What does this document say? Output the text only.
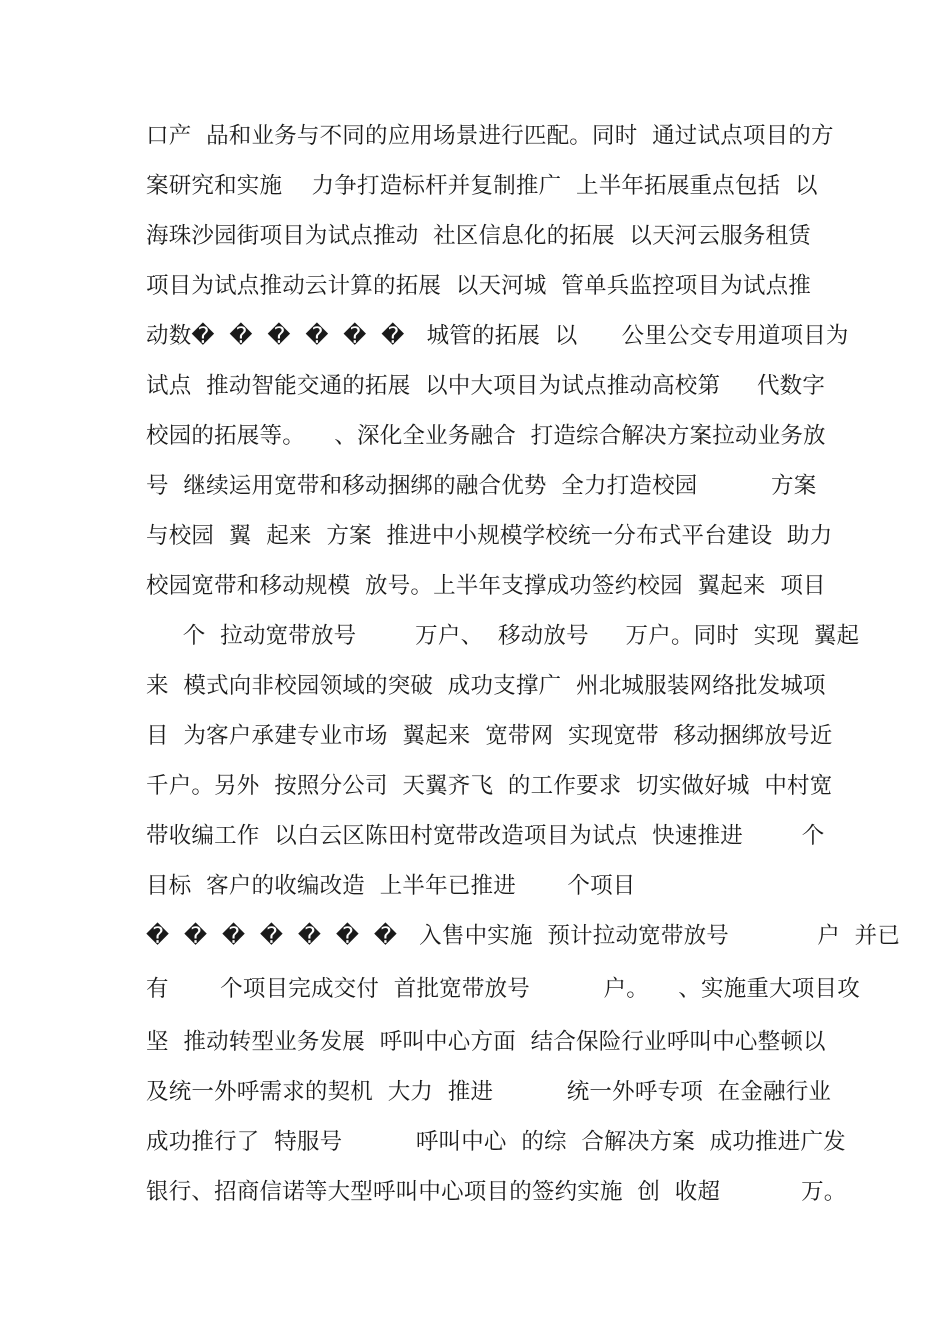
口产  品和业务与不同的应用场景进行匹配。同时  通过试点项目的方
案研究和实施    力争打造标杆并复制推广  上半年拓展重点包括  以
海珠沙园街项目为试点推动  社区信息化的拓展  以天河云服务租赁
项目为试点推动云计算的拓展  以天河城  管单兵监控项目为试点推
动数�  �  �  �  �  �   城管的拓展  以      公里公交专用道项目为
试点  推动智能交通的拓展  以中大项目为试点推动高校第     代数字
校园的拓展等。    、深化全业务融合  打造综合解决方案拉动业务放
号  继续运用宽带和移动捆绑的融合优势  全力打造校园          方案
与校园  翼  起来  方案  推进中小规模学校统一分布式平台建设  助力
校园宽带和移动规模  放号。上半年支撑成功签约校园  翼起来  项目
个  拉动宽带放号        万户、  移动放号     万户。同时  实现  翼起
来  模式向非校园领域的突破  成功支撑广  州北城服装网络批发城项
目  为客户承建专业市场  翼起来  宽带网  实现宽带  移动捆绑放号近
千户。另外  按照分公司  天翼齐飞  的工作要求  切实做好城  中村宽
带收编工作  以白云区陈田村宽带改造项目为试点  快速推进        个
目标  客户的收编改造  上半年已推进       个项目
�  �  �  �  �  �  �   入售中实施  预计拉动宽带放号            户  并已
有       个项目完成交付  首批宽带放号          户。    、实施重大项目攻
坚  推动转型业务发展  呼叫中心方面  结合保险行业呼叫中心整顿以
及统一外呼需求的契机  大力  推进          统一外呼专项  在金融行业
成功推行了  特服号          呼叫中心  的综  合解决方案  成功推进广发
银行、招商信诺等大型呼叫中心项目的签约实施  创  收超           万。
